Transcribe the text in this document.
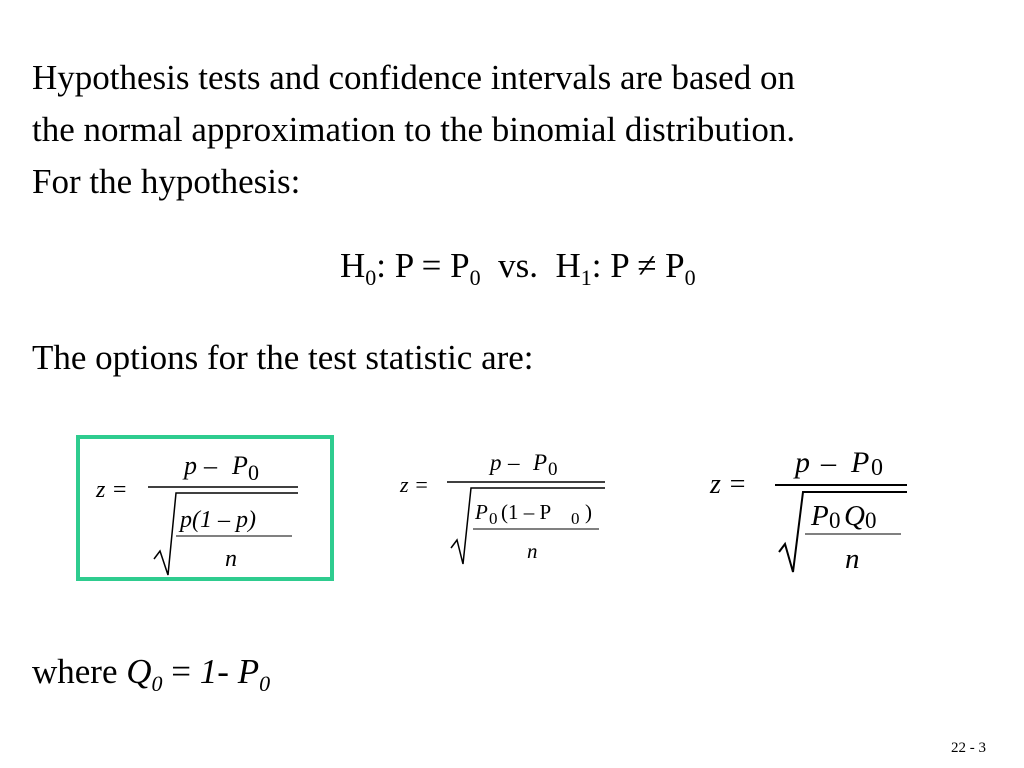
Hypothesis tests and confidence intervals are based on
the normal approximation to the binomial distribution.
For the hypothesis:

$H_0$: $P = P_0$ vs. $H_1$: $P \ne P_0$

The options for the test statistic are:

z =
p – P 0
p(1 – p)
n
z =
p – P 0
P 0 (1 – P 0 )
n
z =
p – P 0
P 0 Q 0
n
where $Q_0 = 1-$ $P_0$
22 - 3
